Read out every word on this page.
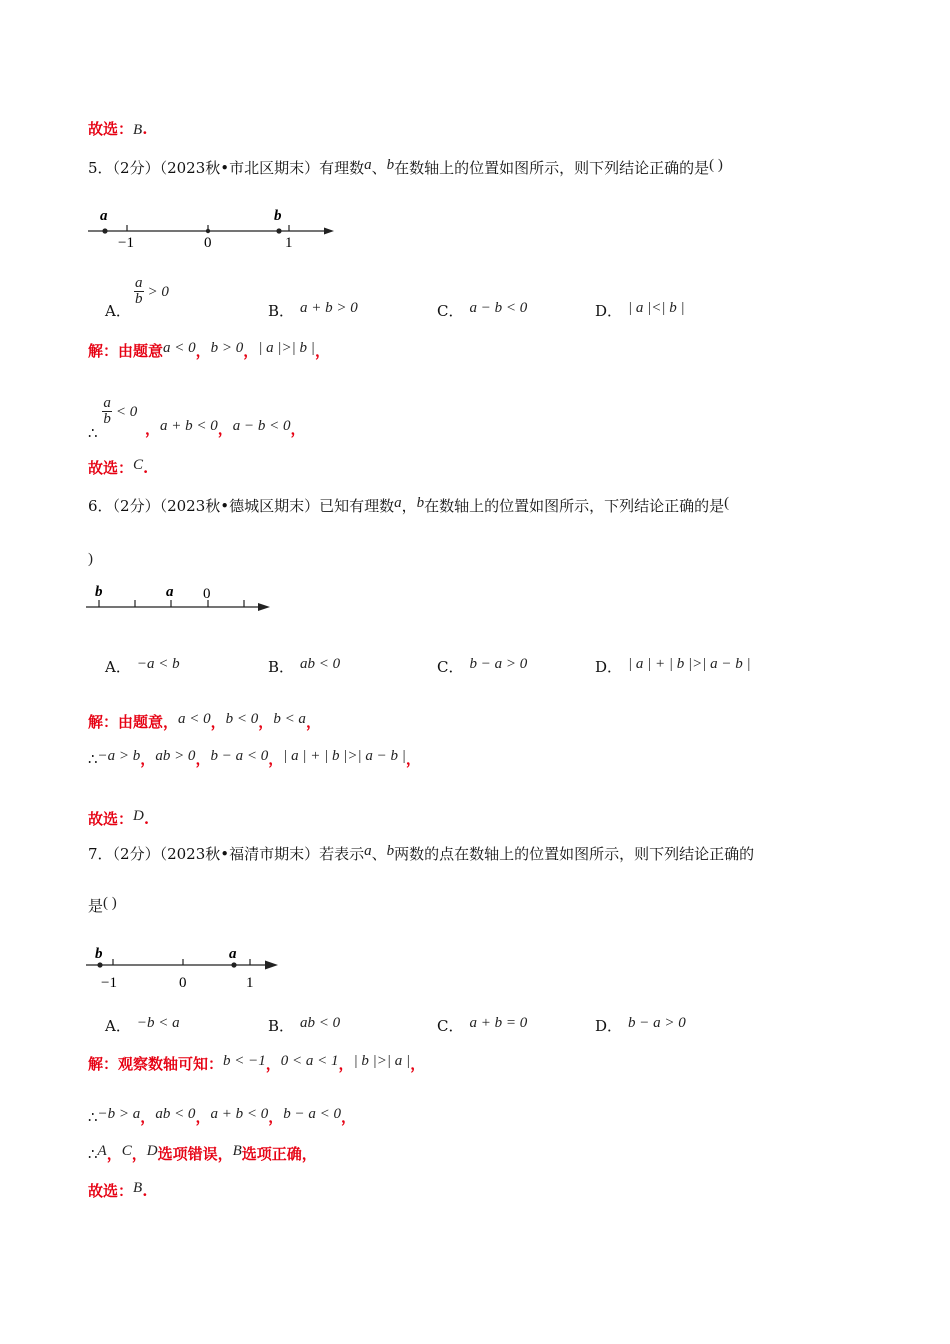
故选：B.
5．（2分）（2023秋•市北区期末）有理数a、b在数轴上的位置如图所示，则下列结论正确的是( )
a	b
−1	0	1
A．
$\frac{a}{b} > 0$
B． a + b > 0	C． a − b < 0	D． | a |<| b |
解：由题意a < 0，b > 0，| a |>| b |，
∴
$\frac{a}{b} < 0$
，a + b < 0，a − b < 0，
故选：C.
6．（2分）（2023秋•德城区期末）已知有理数a，b在数轴上的位置如图所示，下列结论正确的是(
)
b	a 0
A． −a < b	B． ab < 0	C． b − a > 0	D． | a | + | b |>| a − b |
解：由题意，a < 0，b < 0，b < a，
∴−a > b，ab > 0，b − a < 0，| a | + | b |>| a − b |，
故选：D.
7．（2分）（2023秋•福清市期末）若表示a、b两数的点在数轴上的位置如图所示，则下列结论正确的
是( )
b	a
−1	0	1
A． −b < a	B． ab < 0	C． a + b = 0	D． b − a > 0
解：观察数轴可知：b < −1，0 < a < 1，| b |>| a |，
∴−b > a，ab < 0，a + b < 0，b − a < 0，
∴A，C，D选项错误，B选项正确，
故选：B.
